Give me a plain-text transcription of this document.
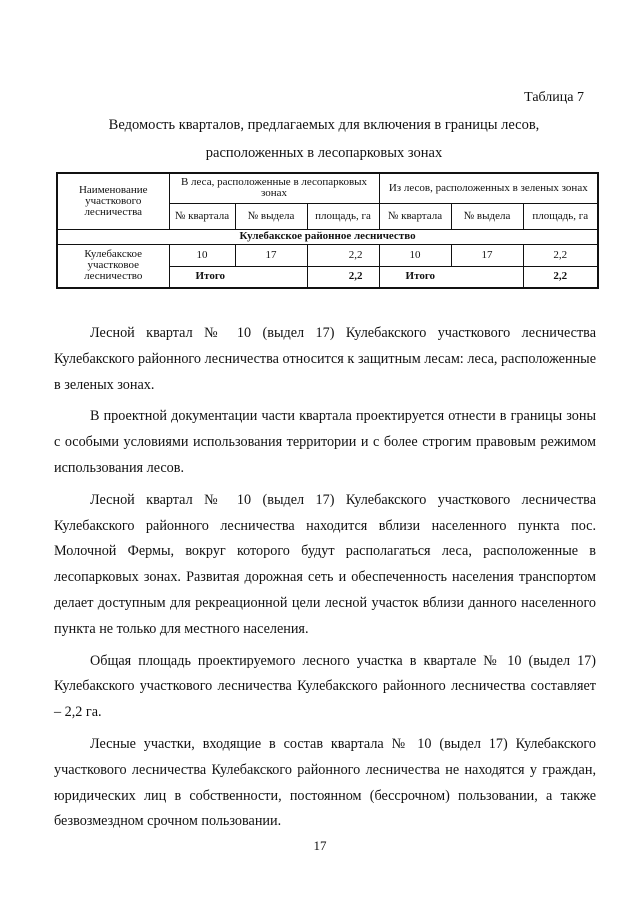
Таблица 7

Ведомость кварталов, предлагаемых для включения в границы лесов,

расположенных в лесопарковых зонах

Наименование участкового лесничества	В леса, расположенные в лесопарковых зонах			Из лесов, расположенных в зеленых зонах		
	№ квартала	№ выдела	площадь, га	№ квартала	№ выдела	площадь, га
Кулебакское районное лесничество						
Кулебакское участковое лесничество	10	17	2,2	10	17	2,2
	Итого		2,2	Итого		2,2

Лесной квартал № 10 (выдел 17) Кулебакского участкового лесничества Кулебакского районного лесничества относится к защитным лесам: леса, расположенные в зеленых зонах.

В проектной документации части квартала проектируется отнести в границы зоны с особыми условиями использования территории и с более строгим правовым режимом использования лесов.

Лесной квартал № 10 (выдел 17) Кулебакского участкового лесничества Кулебакского районного лесничества находится вблизи населенного пункта пос. Молочной Фермы, вокруг которого будут располагаться леса, расположенные в лесопарковых зонах. Развитая дорожная сеть и обеспеченность населения транспортом делает доступным для рекреационной цели лесной участок вблизи данного населенного пункта не только для местного населения.

Общая площадь проектируемого лесного участка в квартале № 10 (выдел 17) Кулебакского участкового лесничества Кулебакского районного лесничества составляет – 2,2 га.

Лесные участки, входящие в состав квартала № 10 (выдел 17) Кулебакского участкового лесничества Кулебакского районного лесничества не находятся у граждан, юридических лиц в собственности, постоянном (бессрочном) пользовании, а также безвозмездном срочном пользовании.

17
